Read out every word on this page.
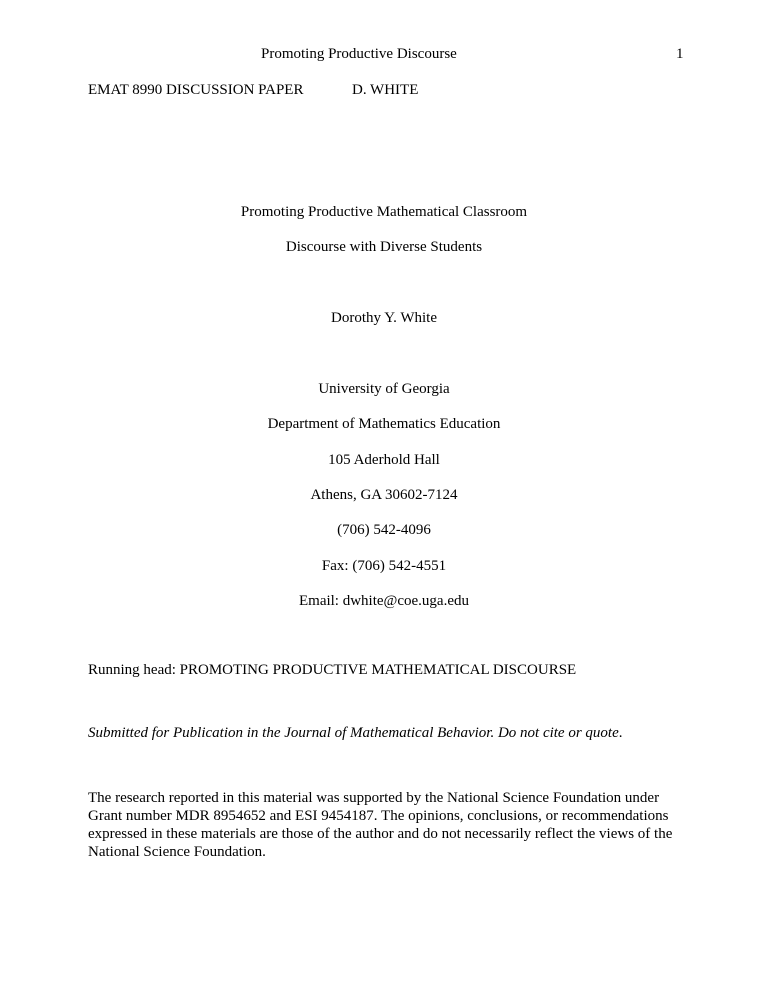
Promoting Productive Discourse	1
EMAT 8990 DISCUSSION PAPER	D. WHITE
Promoting Productive Mathematical Classroom
Discourse with Diverse Students
Dorothy Y. White
University of Georgia
Department of Mathematics Education
105 Aderhold Hall
Athens, GA 30602-7124
(706) 542-4096
Fax: (706) 542-4551
Email: dwhite@coe.uga.edu
Running head: PROMOTING PRODUCTIVE MATHEMATICAL DISCOURSE
Submitted for Publication in the Journal of Mathematical Behavior. Do not cite or quote.
The research reported in this material was supported by the National Science Foundation under Grant number MDR 8954652 and ESI 9454187. The opinions, conclusions, or recommendations expressed in these materials are those of the author and do not necessarily reflect the views of the National Science Foundation.
